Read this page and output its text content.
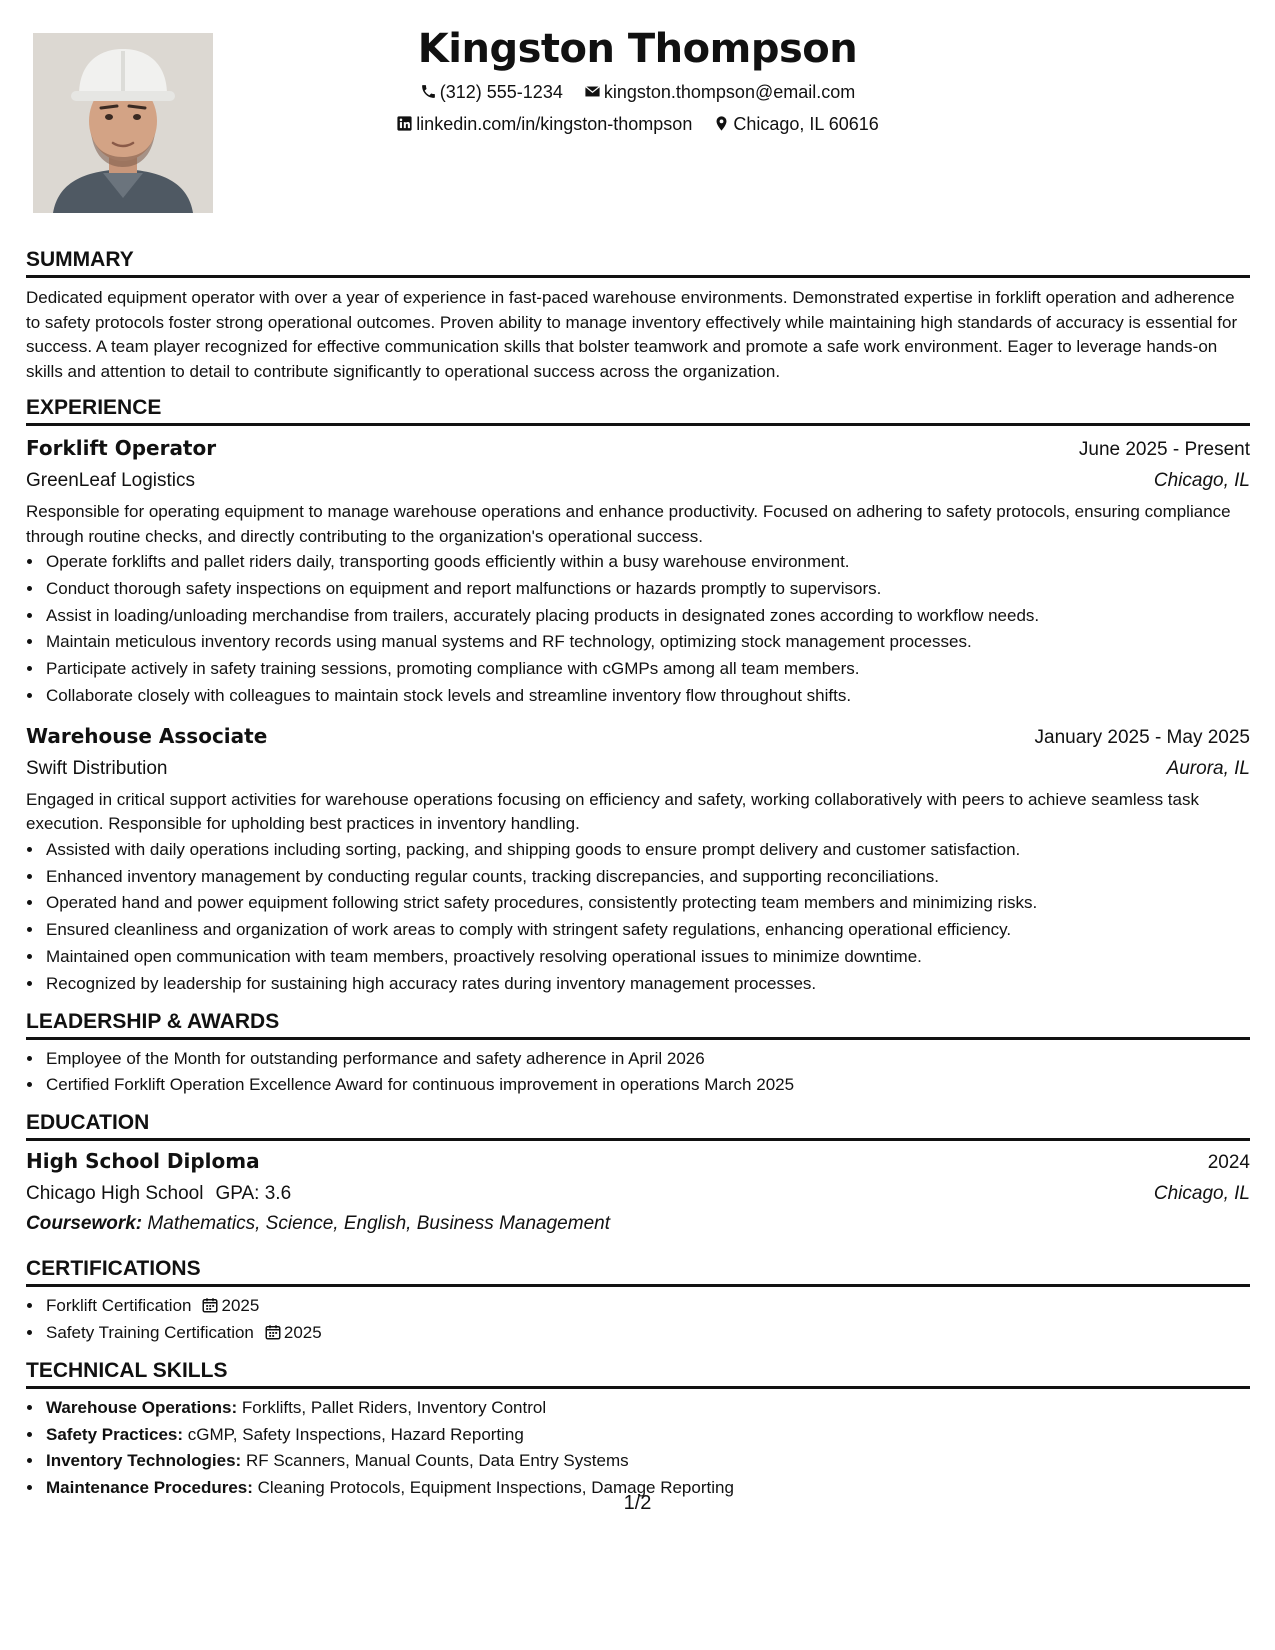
Kingston Thompson
(312) 555-1234 kingston.thompson@email.com
linkedin.com/in/kingston-thompson Chicago, IL 60616
SUMMARY

Dedicated equipment operator with over a year of experience in fast-paced warehouse environments. Demonstrated expertise in forklift operation and adherence to safety protocols foster strong operational outcomes. Proven ability to manage inventory effectively while maintaining high standards of accuracy is essential for success. A team player recognized for effective communication skills that bolster teamwork and promote a safe work environment. Eager to leverage hands-on skills and attention to detail to contribute significantly to operational success across the organization.

EXPERIENCE
Forklift Operator	June 2025 - Present
GreenLeaf Logistics	Chicago, IL

Responsible for operating equipment to manage warehouse operations and enhance productivity. Focused on adhering to safety protocols, ensuring compliance through routine checks, and directly contributing to the organization's operational success.

• Operate forklifts and pallet riders daily, transporting goods efficiently within a busy warehouse environment.
• Conduct thorough safety inspections on equipment and report malfunctions or hazards promptly to supervisors.
• Assist in loading/unloading merchandise from trailers, accurately placing products in designated zones according to workflow needs.
• Maintain meticulous inventory records using manual systems and RF technology, optimizing stock management processes.
• Participate actively in safety training sessions, promoting compliance with cGMPs among all team members.
• Collaborate closely with colleagues to maintain stock levels and streamline inventory flow throughout shifts.
Warehouse Associate	January 2025 - May 2025
Swift Distribution	Aurora, IL

Engaged in critical support activities for warehouse operations focusing on efficiency and safety, working collaboratively with peers to achieve seamless task execution. Responsible for upholding best practices in inventory handling.

• Assisted with daily operations including sorting, packing, and shipping goods to ensure prompt delivery and customer satisfaction.
• Enhanced inventory management by conducting regular counts, tracking discrepancies, and supporting reconciliations.
• Operated hand and power equipment following strict safety procedures, consistently protecting team members and minimizing risks.
• Ensured cleanliness and organization of work areas to comply with stringent safety regulations, enhancing operational efficiency.
• Maintained open communication with team members, proactively resolving operational issues to minimize downtime.
• Recognized by leadership for sustaining high accuracy rates during inventory management processes.
LEADERSHIP & AWARDS
• Employee of the Month for outstanding performance and safety adherence in April 2026
• Certified Forklift Operation Excellence Award for continuous improvement in operations March 2025
EDUCATION
High School Diploma	2024
Chicago High School GPA: 3.6	Chicago, IL
Coursework: Mathematics, Science, English, Business Management
CERTIFICATIONS
• Forklift Certification 2025
• Safety Training Certification 2025
TECHNICAL SKILLS
• Warehouse Operations: Forklifts, Pallet Riders, Inventory Control
• Safety Practices: cGMP, Safety Inspections, Hazard Reporting
• Inventory Technologies: RF Scanners, Manual Counts, Data Entry Systems
• Maintenance Procedures: Cleaning Protocols, Equipment Inspections, Damage Reporting
1/2
